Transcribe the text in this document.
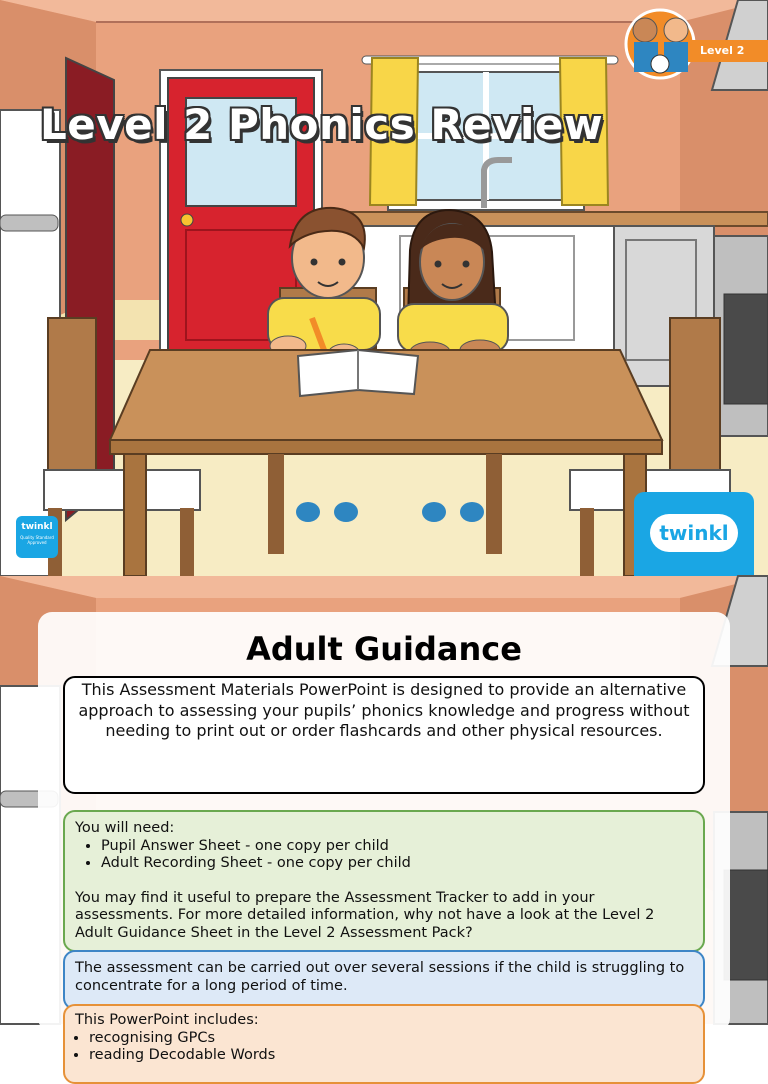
Level 2 Phonics Review
Level 2
twinkl
Quality Standard Approved	twinkl
Adult Guidance

This Assessment Materials PowerPoint is designed to provide an alternative approach to assessing your pupils’ phonics knowledge and progress without needing to print out or order flashcards and other physical resources.

You will need:

• Pupil Answer Sheet - one copy per child
• Adult Recording Sheet - one copy per child

You may find it useful to prepare the Assessment Tracker to add in your assessments. For more detailed information, why not have a look at the Level 2 Adult Guidance Sheet in the Level 2 Assessment Pack?

The assessment can be carried out over several sessions if the child is struggling to concentrate for a long period of time.

This PowerPoint includes:

• recognising GPCs
• reading Decodable Words
